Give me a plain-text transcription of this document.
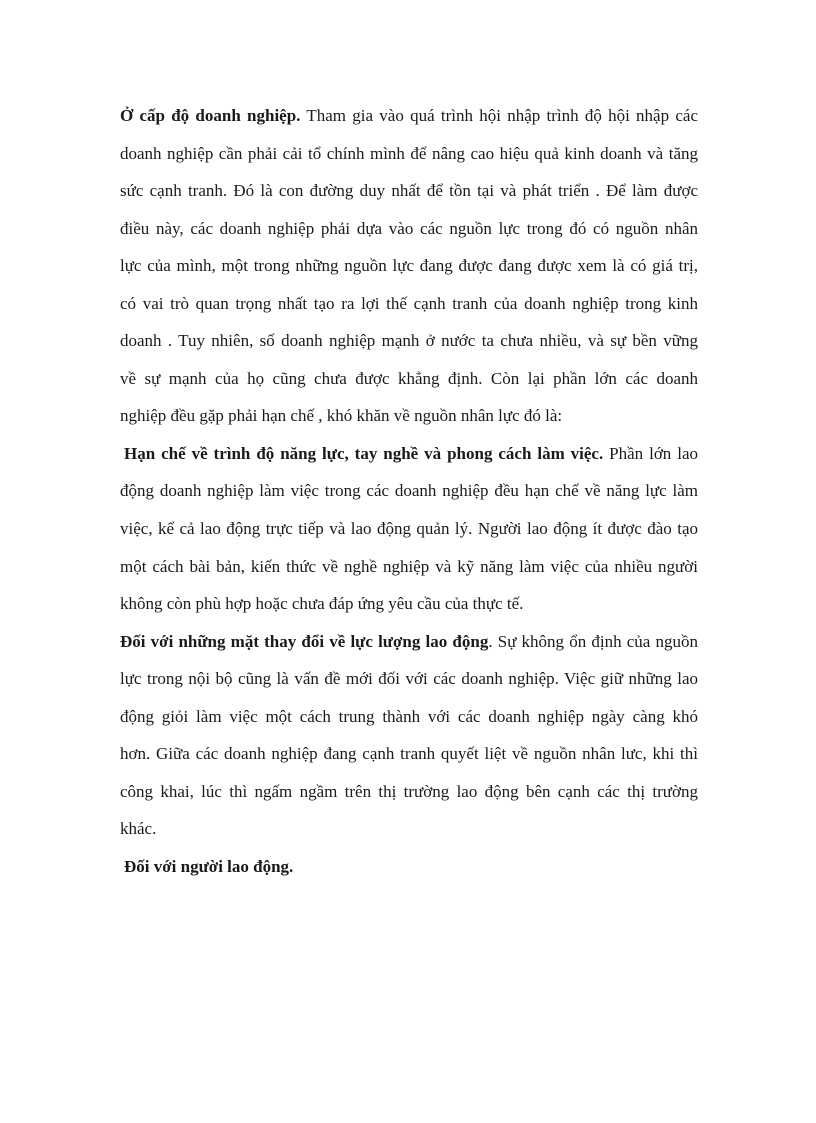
Ở cấp độ doanh nghiệp. Tham gia vào quá trình hội nhập trình độ hội nhập các
doanh nghiệp cần phải cải tổ chính mình để nâng cao hiệu quả kinh doanh và tăng
sức cạnh tranh. Đó là con đường duy nhất để tồn tại và phát triển . Để làm được
điều này, các doanh nghiệp phải dựa vào các nguồn lực trong đó có nguồn nhân
lực của mình, một trong những nguồn lực đang được đang được xem là có giá trị,
có vai trò quan trọng nhất tạo ra lợi thế cạnh tranh của doanh nghiệp trong kinh
doanh . Tuy nhiên, số doanh nghiệp mạnh ở nước ta chưa nhiều, và sự bền vững
về sự mạnh của họ cũng chưa được khẳng định. Còn lại phần lớn các doanh
nghiệp đều gặp phải hạn chế , khó khăn về nguồn nhân lực đó là:
Hạn chế về trình độ năng lực, tay nghề và phong cách làm việc. Phần lớn lao
động doanh nghiệp làm việc trong các doanh nghiệp đều hạn chế về năng lực làm
việc, kể cả lao động trực tiếp và lao động quản lý. Người lao động ít được đào tạo
một cách bài bản, kiến thức về nghề nghiệp và kỹ năng làm việc của nhiều người
không còn phù hợp hoặc chưa đáp ứng yêu cầu của thực tế.
Đối với những mặt thay đổi về lực lượng lao động. Sự không ổn định của nguồn
lực trong nội bộ cũng là vấn đề mới đối với các doanh nghiệp. Việc giữ những lao
động giỏi làm việc một cách trung thành với các doanh nghiệp ngày càng khó
hơn. Giữa các doanh nghiệp đang cạnh tranh quyết liệt về nguồn nhân lưc, khi thì
công khai, lúc thì ngấm ngầm trên thị trường lao động bên cạnh các thị trường
khác.
Đối với người lao động.
